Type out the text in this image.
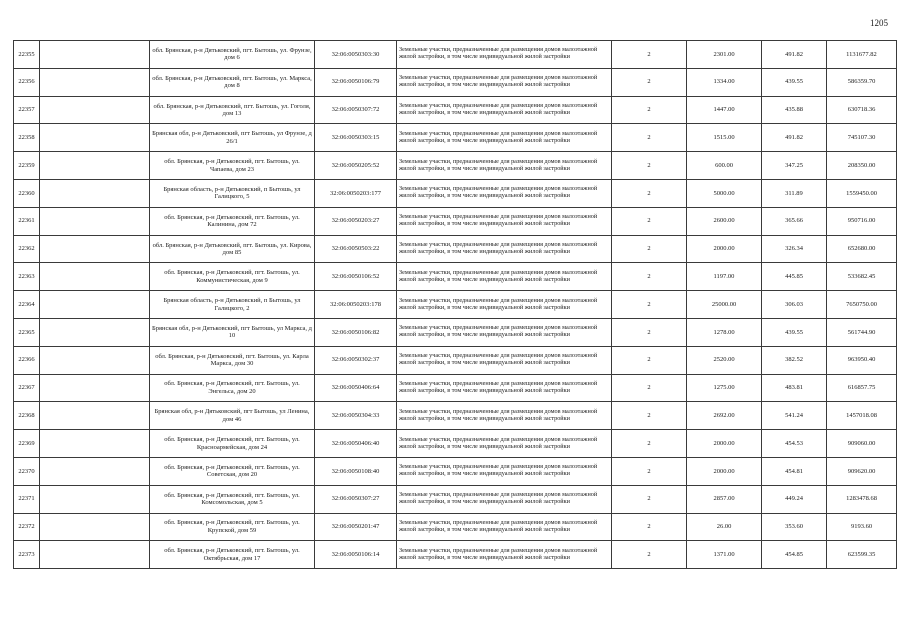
1205
22355		обл. Брянская, р-н Дятьковский, пгт. Бытошь, ул. Фрунзе, дом 6	32:06:0050303:30	Земельные участки, предназначенные для размещения домов малоэтажной жилой застройки, в том числе индивидуальной жилой застройки	2	2301.00	491.82	1131677.82
22356		обл. Брянская, р-н Дятьковский, пгт. Бытошь, ул. Маркса, дом 8	32:06:0050106:79	Земельные участки, предназначенные для размещения домов малоэтажной жилой застройки, в том числе индивидуальной жилой застройки	2	1334.00	439.55	586359.70
22357		обл. Брянская, р-н Дятьковский, пгт. Бытошь, ул. Гоголя, дом 13	32:06:0050307:72	Земельные участки, предназначенные для размещения домов малоэтажной жилой застройки, в том числе индивидуальной жилой застройки	2	1447.00	435.88	630718.36
22358		Брянская обл, р-н Дятьковский, пгт Бытошь, ул Фрунзе, д 26/1	32:06:0050303:15	Земельные участки, предназначенные для размещения домов малоэтажной жилой застройки, в том числе индивидуальной жилой застройки	2	1515.00	491.82	745107.30
22359		обл. Брянская, р-н Дятьковский, пгт. Бытошь, ул. Чапаева, дом 23	32:06:0050205:52	Земельные участки, предназначенные для размещения домов малоэтажной жилой застройки, в том числе индивидуальной жилой застройки	2	600.00	347.25	208350.00
22360		Брянская область, р-н Дятьковский, п Бытошь, ул Галицкого, 5	32:06:0050203:177	Земельные участки, предназначенные для размещения домов малоэтажной жилой застройки, в том числе индивидуальной жилой застройки	2	5000.00	311.89	1559450.00
22361		обл. Брянская, р-н Дятьковский, пгт. Бытошь, ул. Калинина, дом 72	32:06:0050203:27	Земельные участки, предназначенные для размещения домов малоэтажной жилой застройки, в том числе индивидуальной жилой застройки	2	2600.00	365.66	950716.00
22362		обл. Брянская, р-н Дятьковский, пгт. Бытошь, ул. Кирова, дом 85	32:06:0050503:22	Земельные участки, предназначенные для размещения домов малоэтажной жилой застройки, в том числе индивидуальной жилой застройки	2	2000.00	326.34	652680.00
22363		обл. Брянская, р-н Дятьковский, пгт. Бытошь, ул. Коммунистическая, дом 9	32:06:0050106:52	Земельные участки, предназначенные для размещения домов малоэтажной жилой застройки, в том числе индивидуальной жилой застройки	2	1197.00	445.85	533682.45
22364		Брянская область, р-н Дятьковский, п Бытошь, ул Галицкого, 2	32:06:0050203:178	Земельные участки, предназначенные для размещения домов малоэтажной жилой застройки, в том числе индивидуальной жилой застройки	2	25000.00	306.03	7650750.00
22365		Брянская обл, р-н Дятьковский, пгт Бытошь, ул Маркса, д 10	32:06:0050106:82	Земельные участки, предназначенные для размещения домов малоэтажной жилой застройки, в том числе индивидуальной жилой застройки	2	1278.00	439.55	561744.90
22366		обл. Брянская, р-н Дятьковский, пгт. Бытошь, ул. Карла Маркса, дом 30	32:06:0050302:37	Земельные участки, предназначенные для размещения домов малоэтажной жилой застройки, в том числе индивидуальной жилой застройки	2	2520.00	382.52	963950.40
22367		обл. Брянская, р-н Дятьковский, пгт. Бытошь, ул. Энгельса, дом 20	32:06:0050406:64	Земельные участки, предназначенные для размещения домов малоэтажной жилой застройки, в том числе индивидуальной жилой застройки	2	1275.00	483.81	616857.75
22368		Брянская обл, р-н Дятьковский, пгт Бытошь, ул Ленина, дом 46	32:06:0050304:33	Земельные участки, предназначенные для размещения домов малоэтажной жилой застройки, в том числе индивидуальной жилой застройки	2	2692.00	541.24	1457018.08
22369		обл. Брянская, р-н Дятьковский, пгт. Бытошь, ул. Красноармейская, дом 24	32:06:0050406:40	Земельные участки, предназначенные для размещения домов малоэтажной жилой застройки, в том числе индивидуальной жилой застройки	2	2000.00	454.53	909060.00
22370		обл. Брянская, р-н Дятьковский, пгт. Бытошь, ул. Советская, дом 20	32:06:0050108:40	Земельные участки, предназначенные для размещения домов малоэтажной жилой застройки, в том числе индивидуальной жилой застройки	2	2000.00	454.81	909620.00
22371		обл. Брянская, р-н Дятьковский, пгт. Бытошь, ул. Комсомольская, дом 5	32:06:0050307:27	Земельные участки, предназначенные для размещения домов малоэтажной жилой застройки, в том числе индивидуальной жилой застройки	2	2857.00	449.24	1283478.68
22372		обл. Брянская, р-н Дятьковский, пгт. Бытошь, ул. Крупской, дом 59	32:06:0050201:47	Земельные участки, предназначенные для размещения домов малоэтажной жилой застройки, в том числе индивидуальной жилой застройки	2	26.00	353.60	9193.60
22373		обл. Брянская, р-н Дятьковский, пгт. Бытошь, ул. Октябрьская, дом 17	32:06:0050106:14	Земельные участки, предназначенные для размещения домов малоэтажной жилой застройки, в том числе индивидуальной жилой застройки	2	1371.00	454.85	623599.35
